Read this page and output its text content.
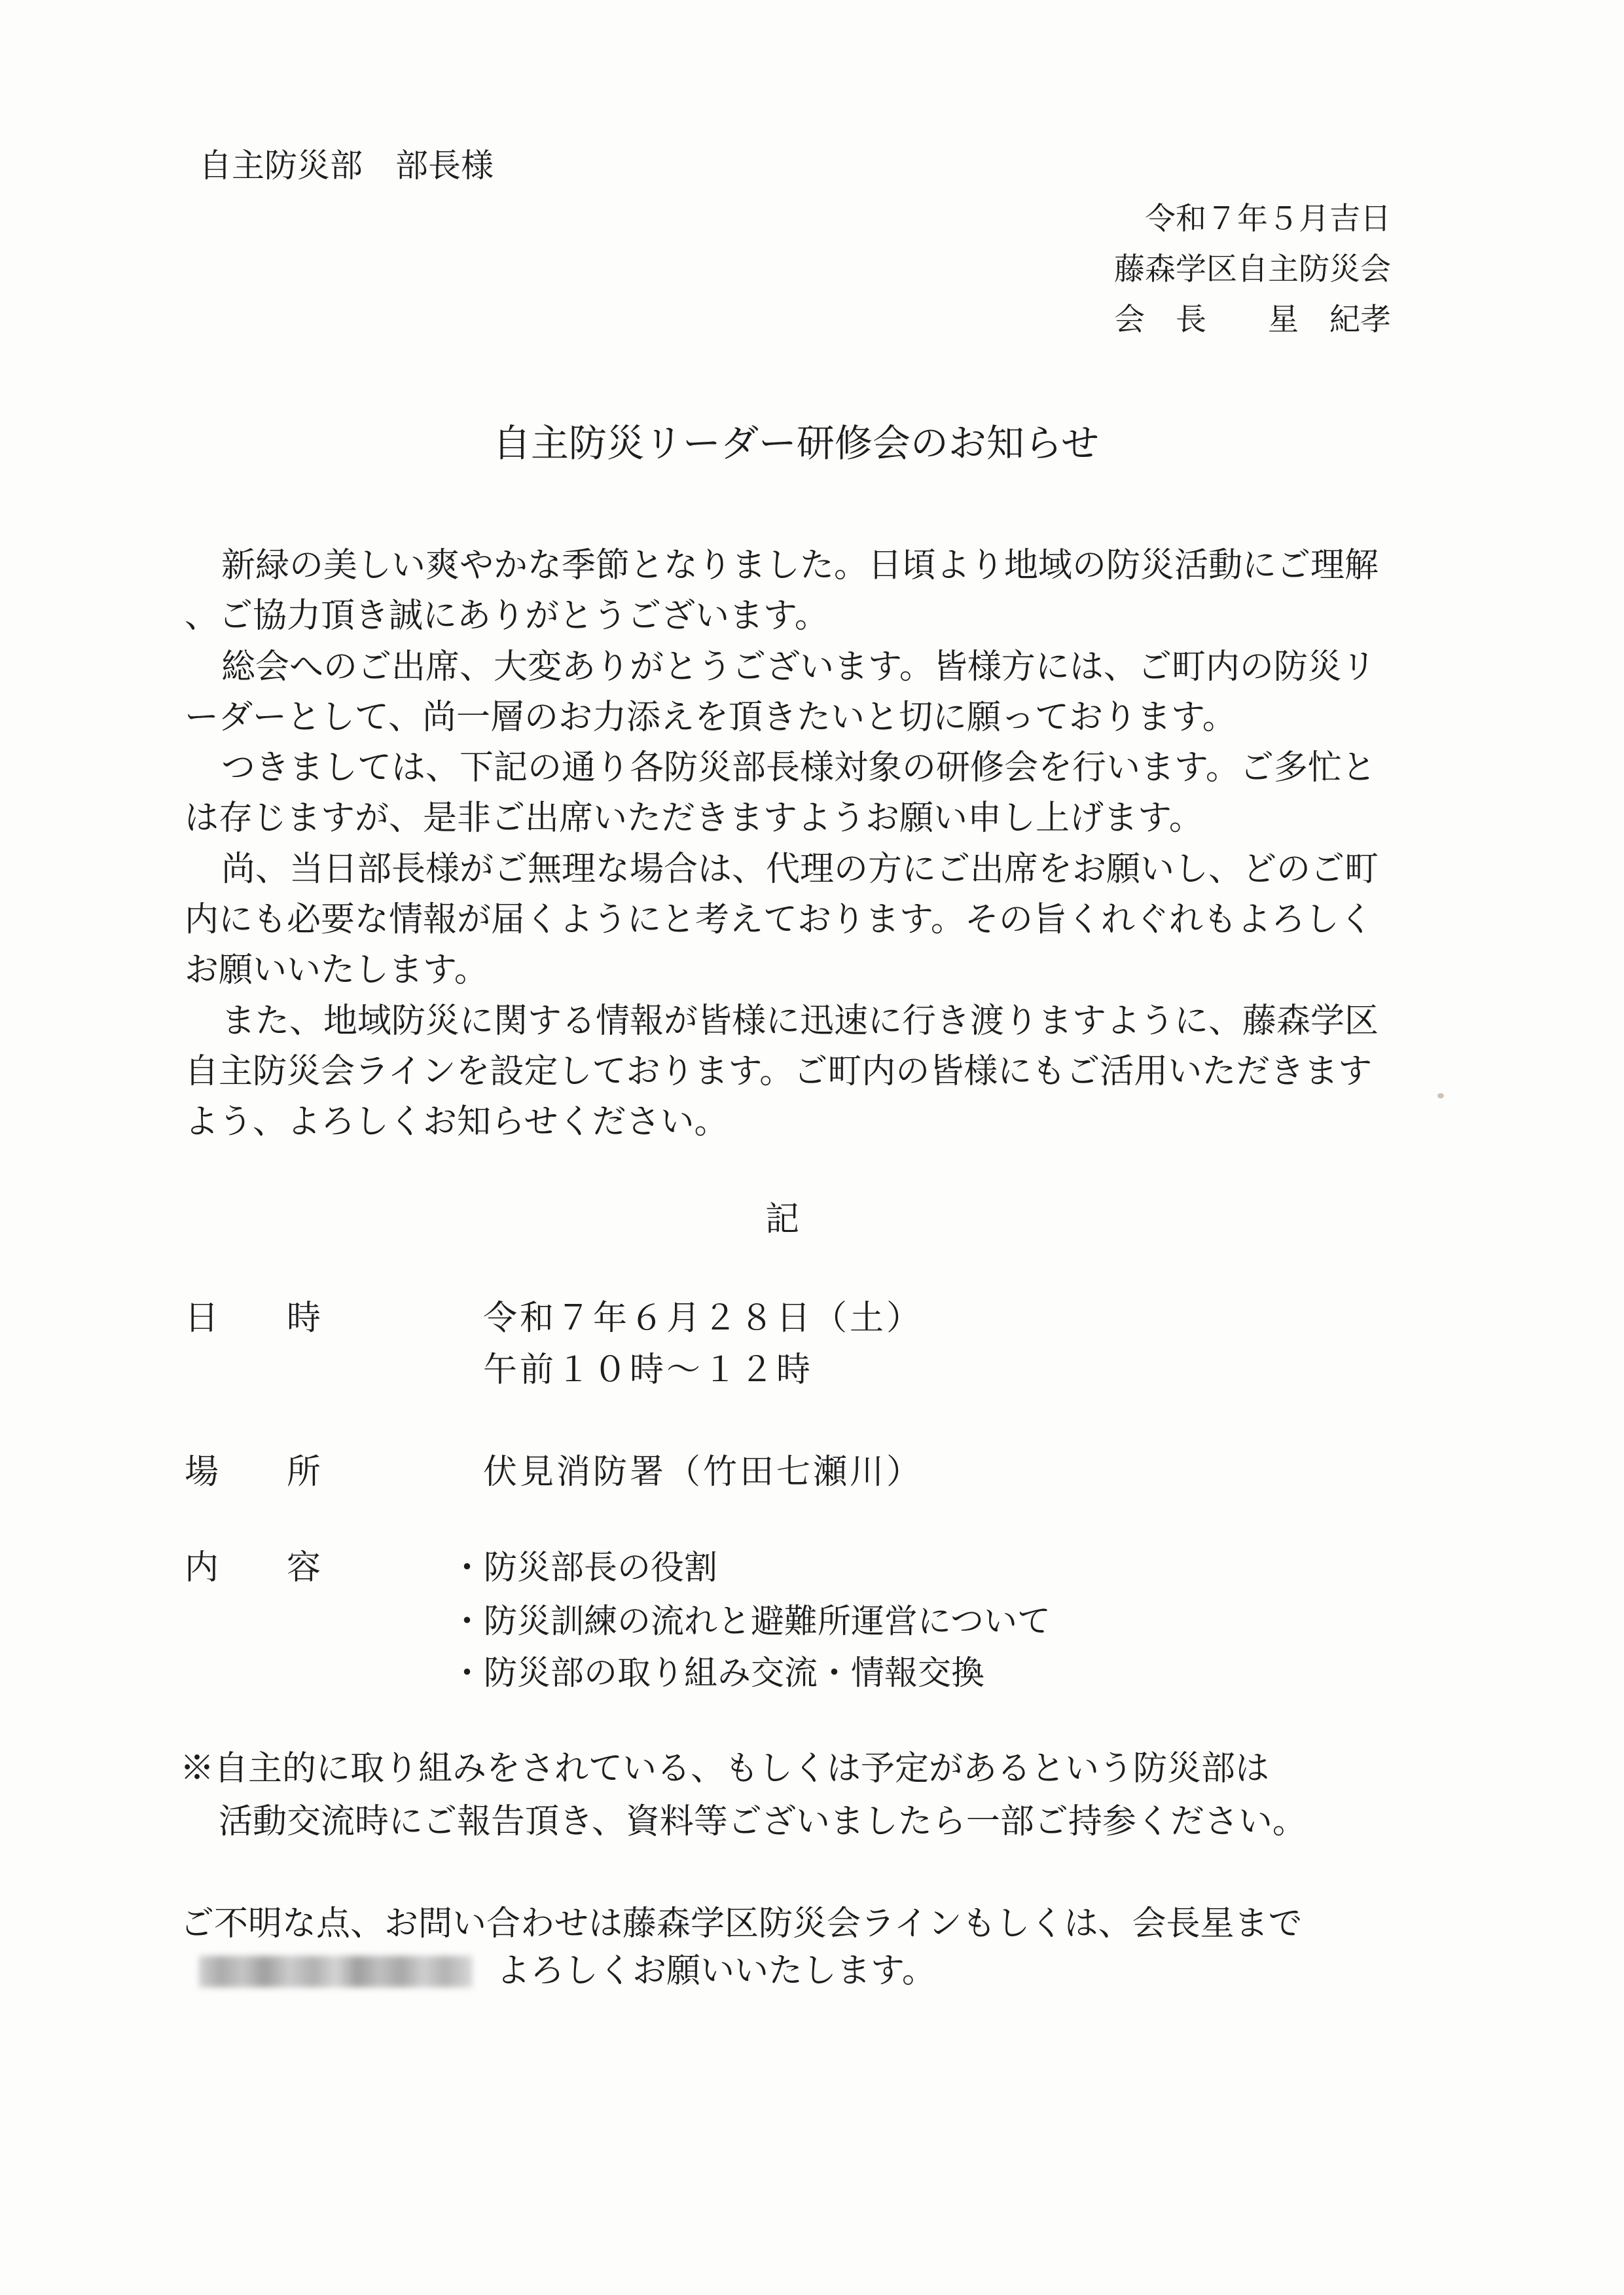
自主防災部　部長様
令和７年５月吉日
藤森学区自主防災会
会　長　　星　紀孝
自主防災リーダー研修会のお知らせ
新緑の美しい爽やかな季節となりました。日頃より地域の防災活動にご理解
、ご協力頂き誠にありがとうございます。
総会へのご出席、大変ありがとうございます。皆様方には、ご町内の防災リ
ーダーとして、尚一層のお力添えを頂きたいと切に願っております。
つきましては、下記の通り各防災部長様対象の研修会を行います。ご多忙と
は存じますが、是非ご出席いただきますようお願い申し上げます。
尚、当日部長様がご無理な場合は、代理の方にご出席をお願いし、どのご町
内にも必要な情報が届くようにと考えております。その旨くれぐれもよろしく
お願いいたします。
また、地域防災に関する情報が皆様に迅速に行き渡りますように、藤森学区
自主防災会ラインを設定しております。ご町内の皆様にもご活用いただきます
よう、よろしくお知らせください。
記
日　　時	令和７年６月２８日（土）
午前１０時～１２時
場　　所	伏見消防署（竹田七瀬川）
内　　容	・防災部長の役割
・防災訓練の流れと避難所運営について
・防災部の取り組み交流・情報交換
※自主的に取り組みをされている、もしくは予定があるという防災部は
活動交流時にご報告頂き、資料等ございましたら一部ご持参ください。
ご不明な点、お問い合わせは藤森学区防災会ラインもしくは、会長星まで
よろしくお願いいたします。
